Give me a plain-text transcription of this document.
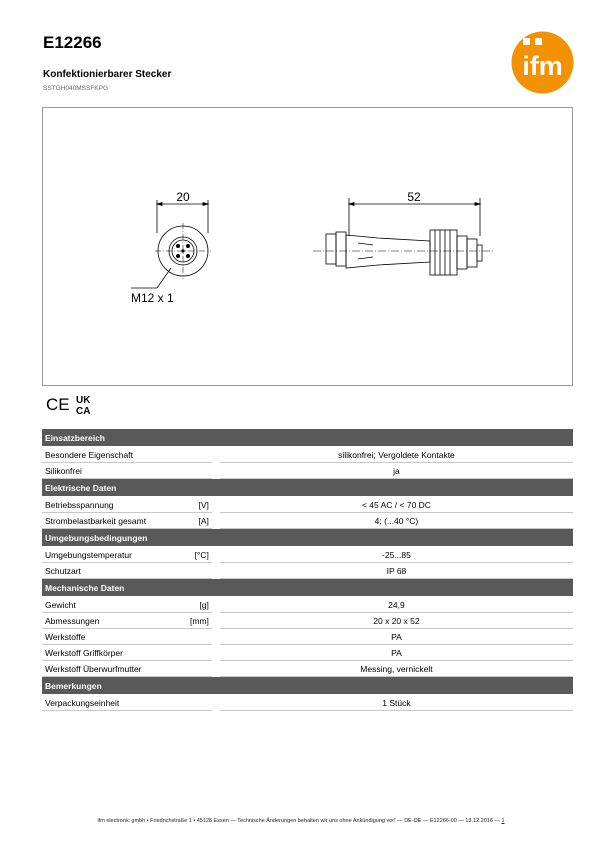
E12266
Konfektionierbarer Stecker
SSTGH040MSSFKPG
ifm
20
M12 x 1
52
CE UK
CA
Einsatzbereich			

Besondere Eigenschaft			silikonfrei; Vergoldete Kontakte
Silikonfrei			ja
Elektrische Daten			

Betriebsspannung	[V]		< 45 AC / < 70 DC
Strombelastbarkeit gesamt	[A]		4; (...40 °C)
Umgebungsbedingungen			

Umgebungstemperatur	[°C]		-25...85
Schutzart			IP 68
Mechanische Daten			

Gewicht	[g]		24,9
Abmessungen	[mm]		20 x 20 x 52
Werkstoffe			PA
Werkstoff Griffkörper			PA
Werkstoff Überwurfmutter			Messing, vernickelt
Bemerkungen			

Verpackungseinheit			1 Stück
ifm electronic gmbh • Friedrichstraße 1 • 45128 Essen — Technische Änderungen behalten wir uns ohne Ankündigung vor! — DE-DE — E12266-00 — 13.12.2016 — 1
